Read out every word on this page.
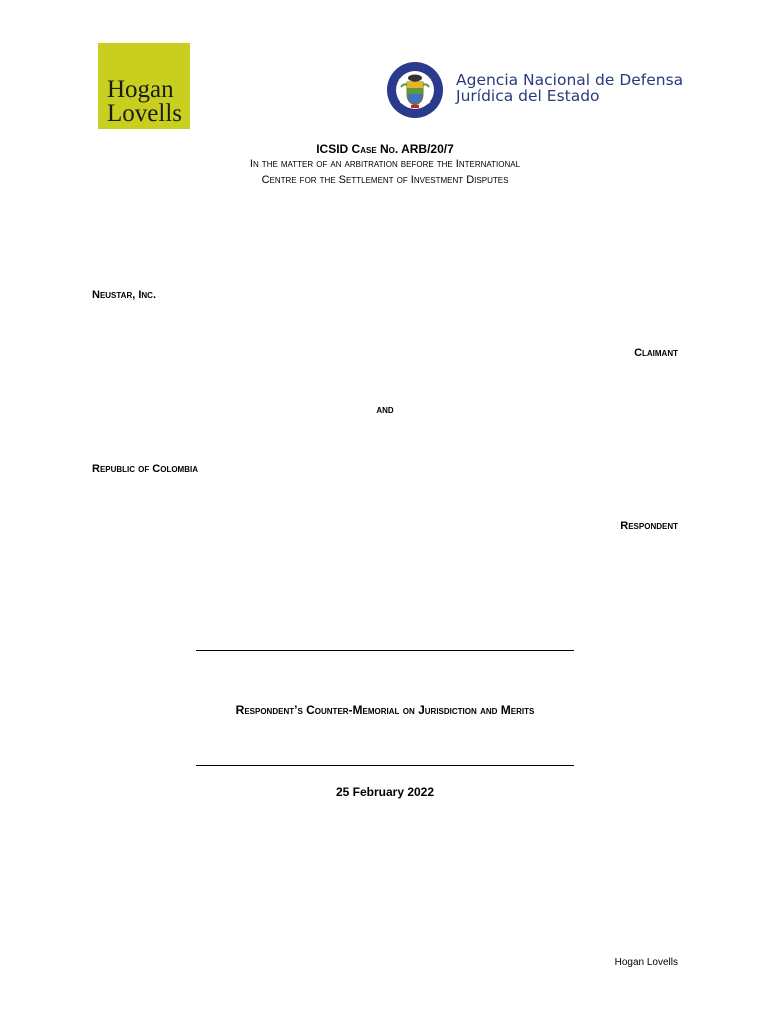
Hogan
Lovells
Agencia Nacional de Defensa
Jurídica del Estado
ICSID Case No. ARB/20/7
In the matter of an arbitration before the International
Centre for the Settlement of Investment Disputes
Neustar, Inc.
Claimant
and
Republic of Colombia
Respondent
Respondent’s Counter-Memorial on Jurisdiction and Merits
25 February 2022
Hogan Lovells
